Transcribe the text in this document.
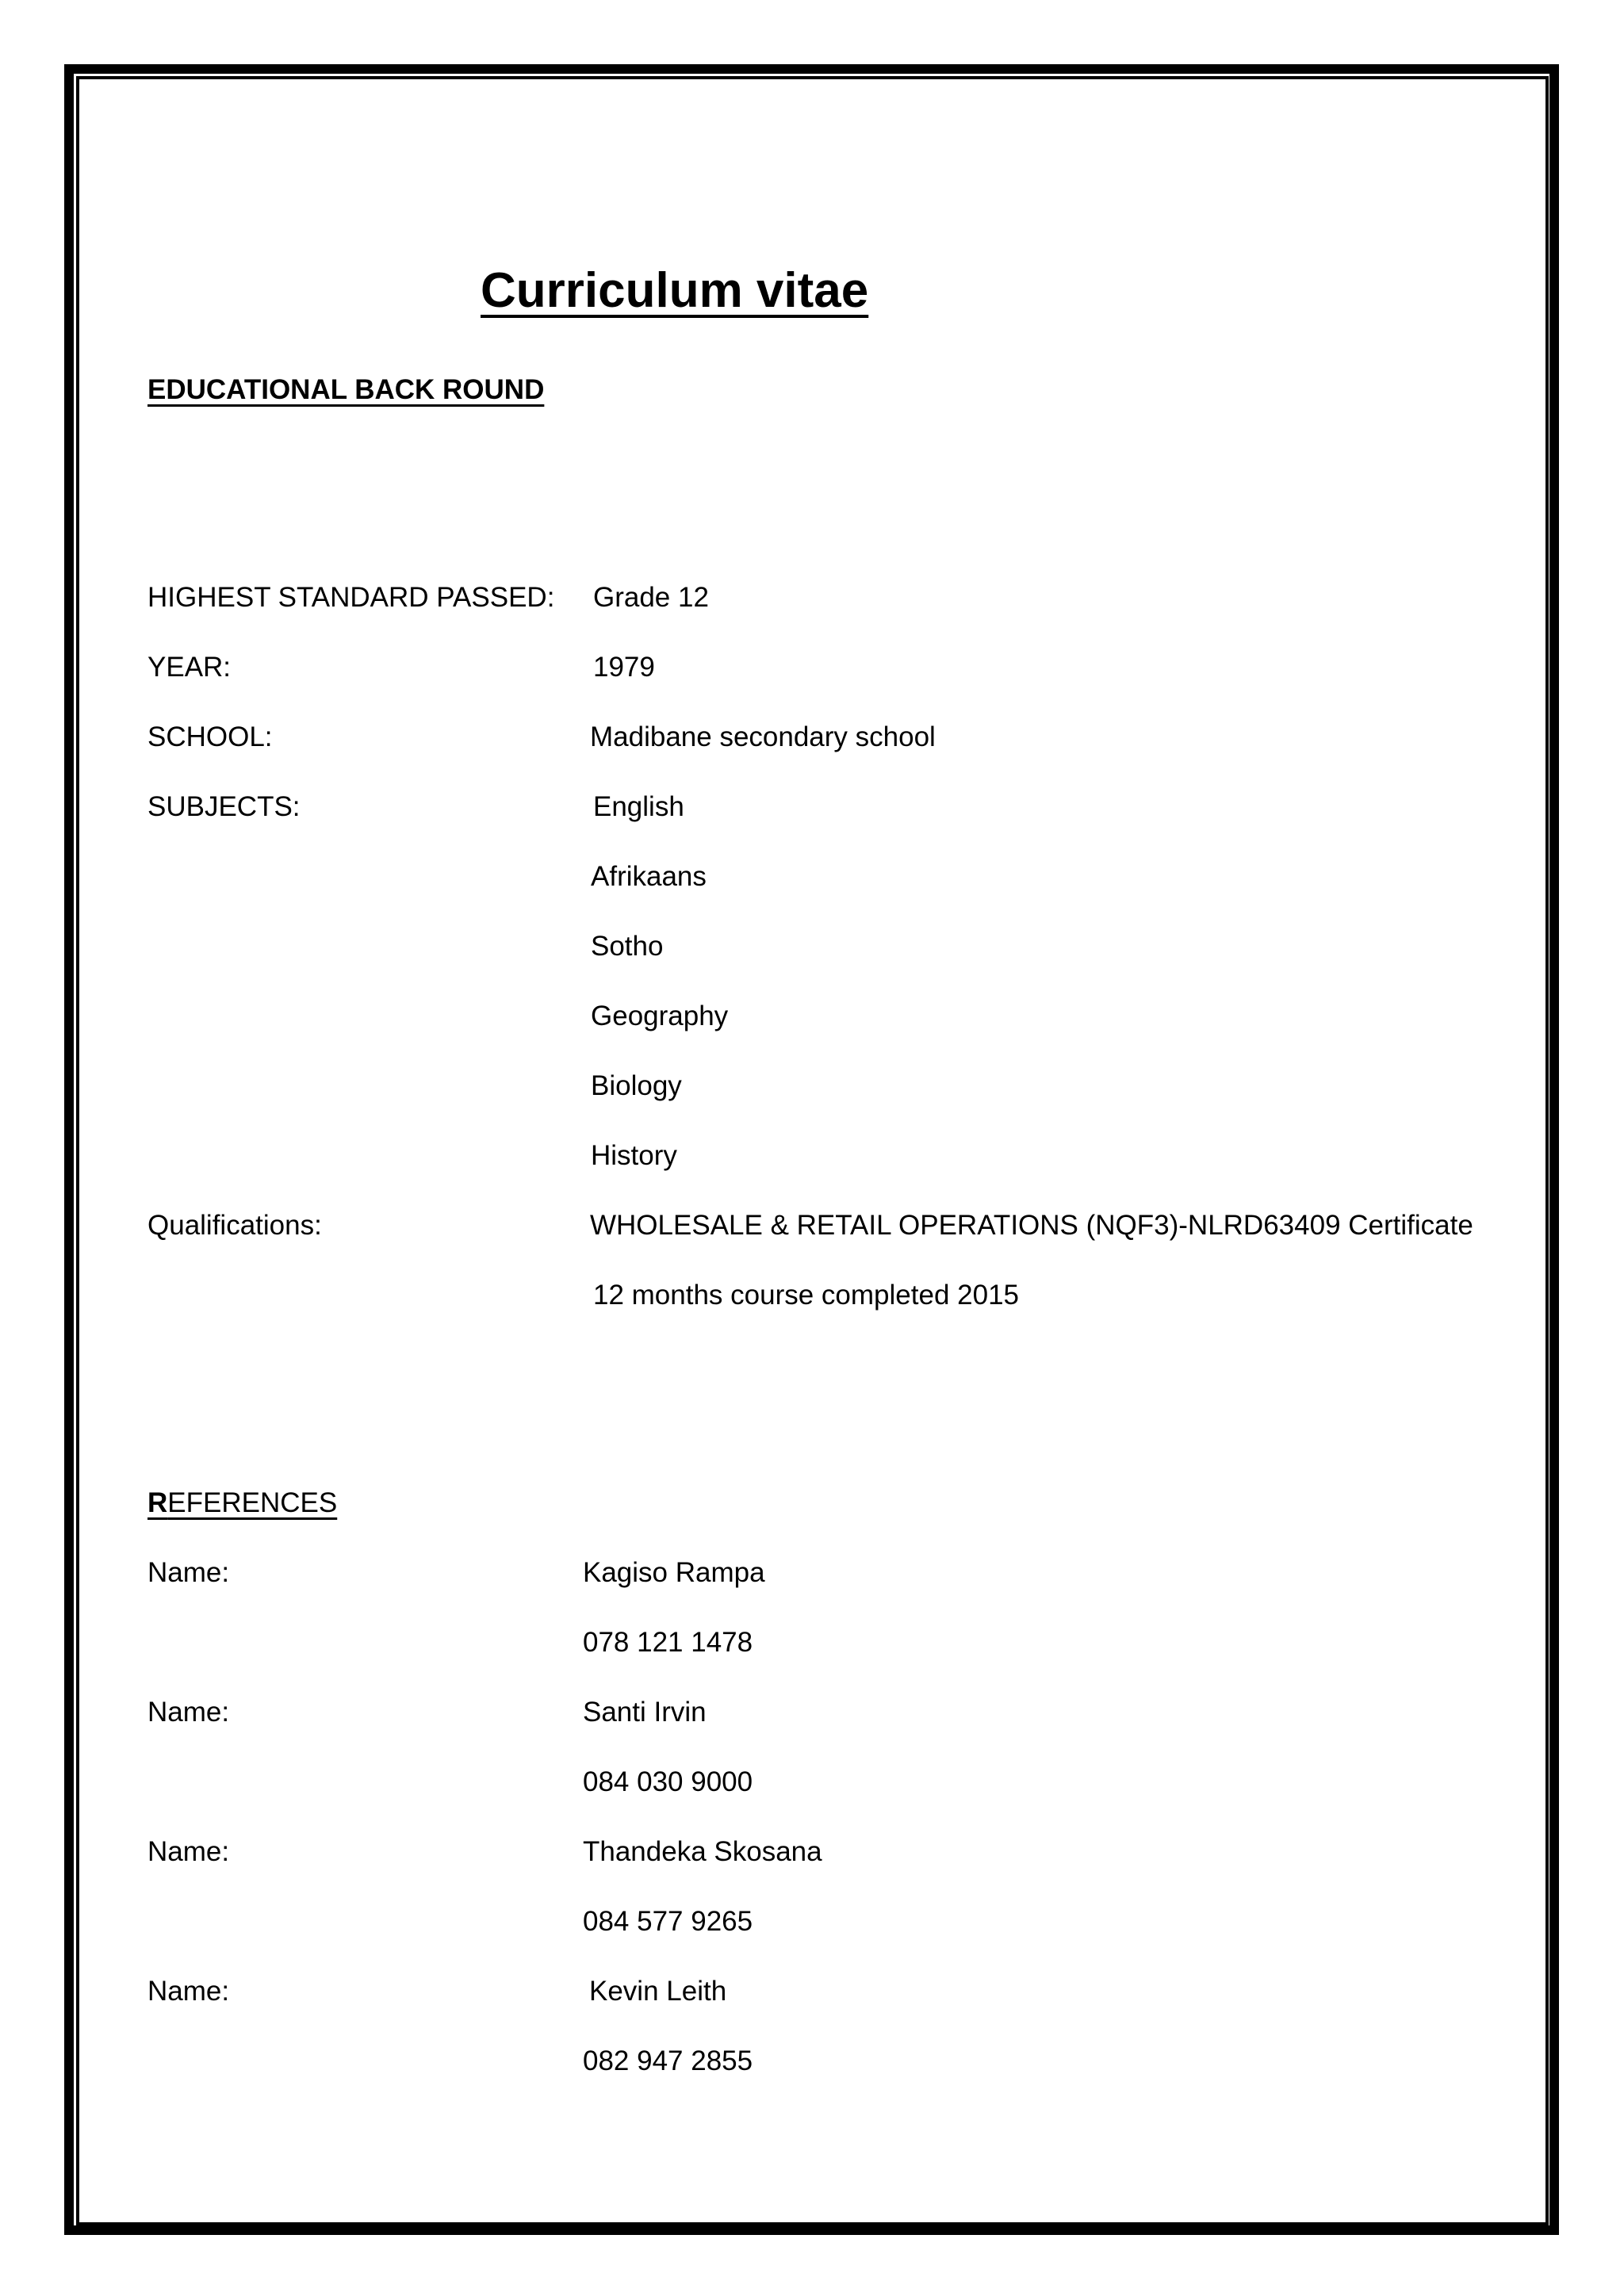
Curriculum vitae
EDUCATIONAL BACK ROUND
HIGHEST STANDARD PASSED: Grade 12
YEAR:	1979
SCHOOL:	Madibane secondary school
SUBJECTS:	English
Afrikaans
Sotho
Geography
Biology
History
Qualifications:	WHOLESALE & RETAIL OPERATIONS (NQF3)-NLRD63409 Certificate
12 months course completed 2015
REFERENCES
Name:	Kagiso Rampa
078 121 1478
Name:	Santi Irvin
084 030 9000
Name:	Thandeka Skosana
084 577 9265
Name:	Kevin Leith
082 947 2855
